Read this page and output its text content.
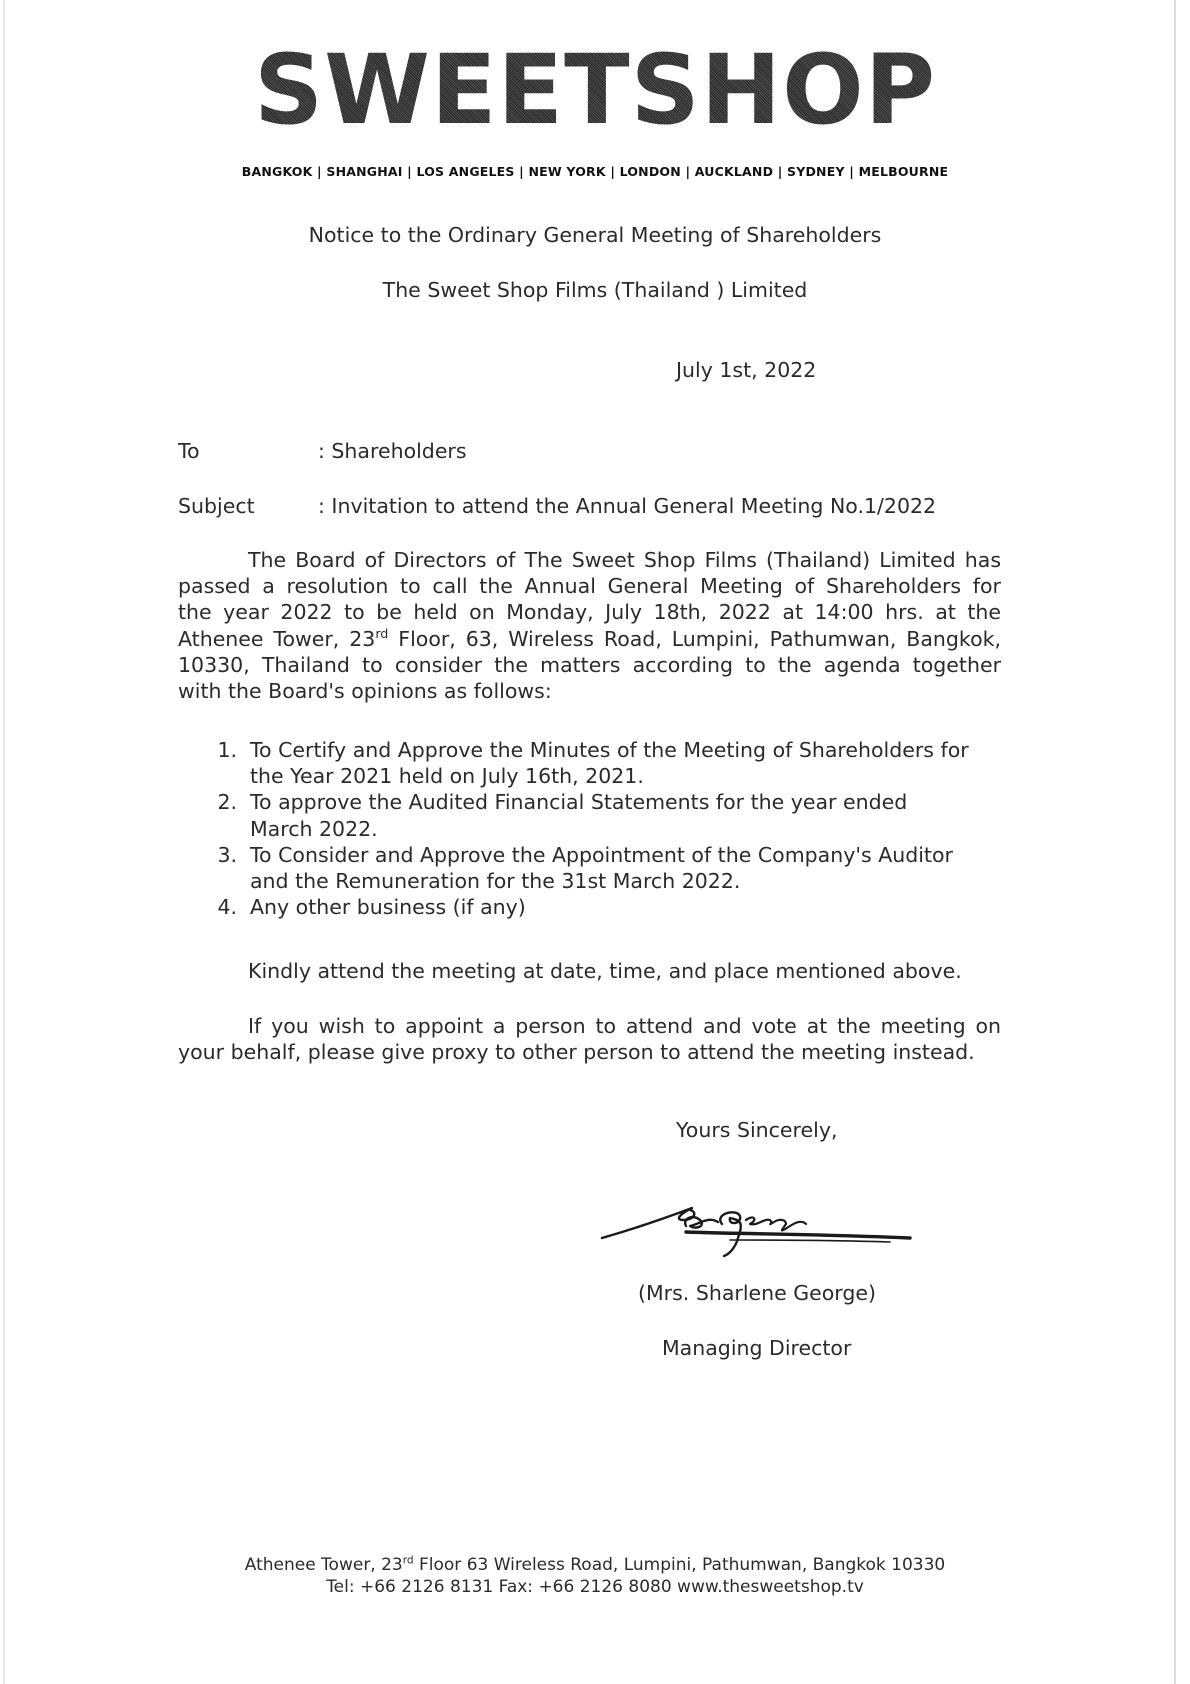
SWEETSHOP
BANGKOK | SHANGHAI | LOS ANGELES | NEW YORK | LONDON | AUCKLAND | SYDNEY | MELBOURNE
Notice to the Ordinary General Meeting of Shareholders
The Sweet Shop Films (Thailand ) Limited
July 1st, 2022
To	: Shareholders
Subject	: Invitation to attend the Annual General Meeting No.1/2022
The Board of Directors of The Sweet Shop Films (Thailand) Limited has
passed a resolution to call the Annual General Meeting of Shareholders for
the year 2022 to be held on Monday, July 18th, 2022 at 14:00 hrs. at the
Athenee Tower, 23rd Floor, 63, Wireless Road, Lumpini, Pathumwan, Bangkok,
10330, Thailand to consider the matters according to the agenda together
with the Board's opinions as follows:
1. To Certify and Approve the Minutes of the Meeting of Shareholders for
the Year 2021 held on July 16th, 2021.
2. To approve the Audited Financial Statements for the year ended
March 2022.
3. To Consider and Approve the Appointment of the Company's Auditor
and the Remuneration for the 31st March 2022.
4. Any other business (if any)
Kindly attend the meeting at date, time, and place mentioned above.
If you wish to appoint a person to attend and vote at the meeting on
your behalf, please give proxy to other person to attend the meeting instead.
Yours Sincerely,
(Mrs. Sharlene George)
Managing Director
Athenee Tower, 23rd Floor 63 Wireless Road, Lumpini, Pathumwan, Bangkok 10330
Tel: +66 2126 8131 Fax: +66 2126 8080 www.thesweetshop.tv
